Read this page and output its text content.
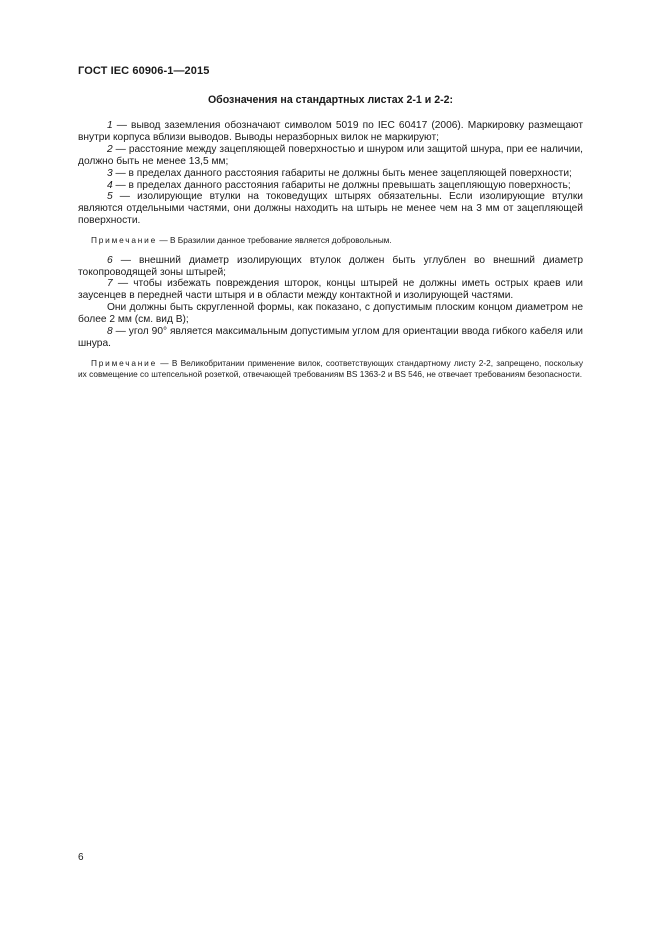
ГОСТ IEC 60906-1—2015
Обозначения на стандартных листах 2-1 и 2-2:

1 — вывод заземления обозначают символом 5019 по IEC 60417 (2006). Маркировку размещают внутри корпуса вблизи выводов. Выводы неразборных вилок не маркируют;

2 — расстояние между зацепляющей поверхностью и шнуром или защитой шнура, при ее наличии, должно быть не менее 13,5 мм;

3 — в пределах данного расстояния габариты не должны быть менее зацепляющей поверхности;

4 — в пределах данного расстояния габариты не должны превышать зацепляющую поверхность;

5 — изолирующие втулки на токоведущих штырях обязательны. Если изолирующие втулки являются отдельными частями, они должны находить на штырь не менее чем на 3 мм от зацепляющей поверхности.

Примечание — В Бразилии данное требование является добровольным.

6 — внешний диаметр изолирующих втулок должен быть углублен во внешний диаметр токопроводящей зоны штырей;

7 — чтобы избежать повреждения шторок, концы штырей не должны иметь острых краев или заусенцев в передней части штыря и в области между контактной и изолирующей частями.

Они должны быть скругленной формы, как показано, с допустимым плоским концом диаметром не более 2 мм (см. вид В);

8 — угол 90° является максимальным допустимым углом для ориентации ввода гибкого кабеля или шнура.

Примечание — В Великобритании применение вилок, соответствующих стандартному листу 2-2, запрещено, поскольку их совмещение со штепсельной розеткой, отвечающей требованиям BS 1363-2 и BS 546, не отвечает требованиям безопасности.

6
